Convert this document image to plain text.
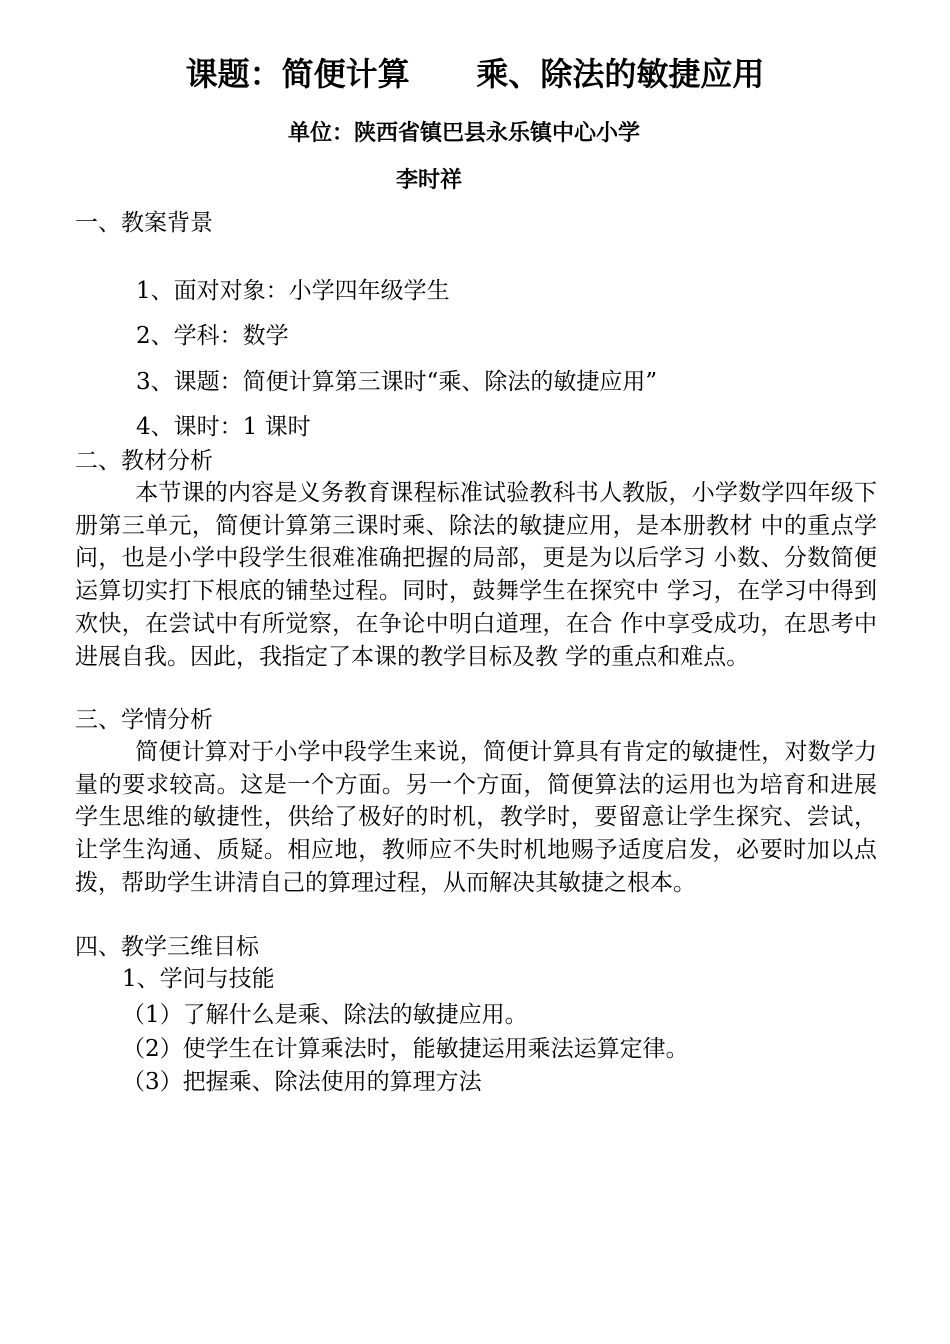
课题：简便计算      乘、除法的敏捷应用
单位：陕西省镇巴县永乐镇中心小学
李时祥
一、教案背景
1、面对对象：小学四年级学生
2、学科：数学
3、课题：简便计算第三课时“乘、除法的敏捷应用”
4、课时：1 课时
二、教材分析
本节课的内容是义务教育课程标准试验教科书人教版，小学数学四年级下册第三单元，简便计算第三课时乘、除法的敏捷应用，是本册教材 中的重点学问，也是小学中段学生很难准确把握的局部，更是为以后学习 小数、分数简便运算切实打下根底的铺垫过程。同时，鼓舞学生在探究中 学习，在学习中得到欢快，在尝试中有所觉察，在争论中明白道理，在合 作中享受成功，在思考中进展自我。因此，我指定了本课的教学目标及教 学的重点和难点。
三、学情分析
简便计算对于小学中段学生来说，简便计算具有肯定的敏捷性，对数学力量的要求较高。这是一个方面。另一个方面，简便算法的运用也为培育和进展学生思维的敏捷性，供给了极好的时机，教学时，要留意让学生探究、尝试，让学生沟通、质疑。相应地，教师应不失时机地赐予适度启发，必要时加以点拨，帮助学生讲清自己的算理过程，从而解决其敏捷之根本。
四、教学三维目标
1、学问与技能
（1）了解什么是乘、除法的敏捷应用。
（2）使学生在计算乘法时，能敏捷运用乘法运算定律。
（3）把握乘、除法使用的算理方法
